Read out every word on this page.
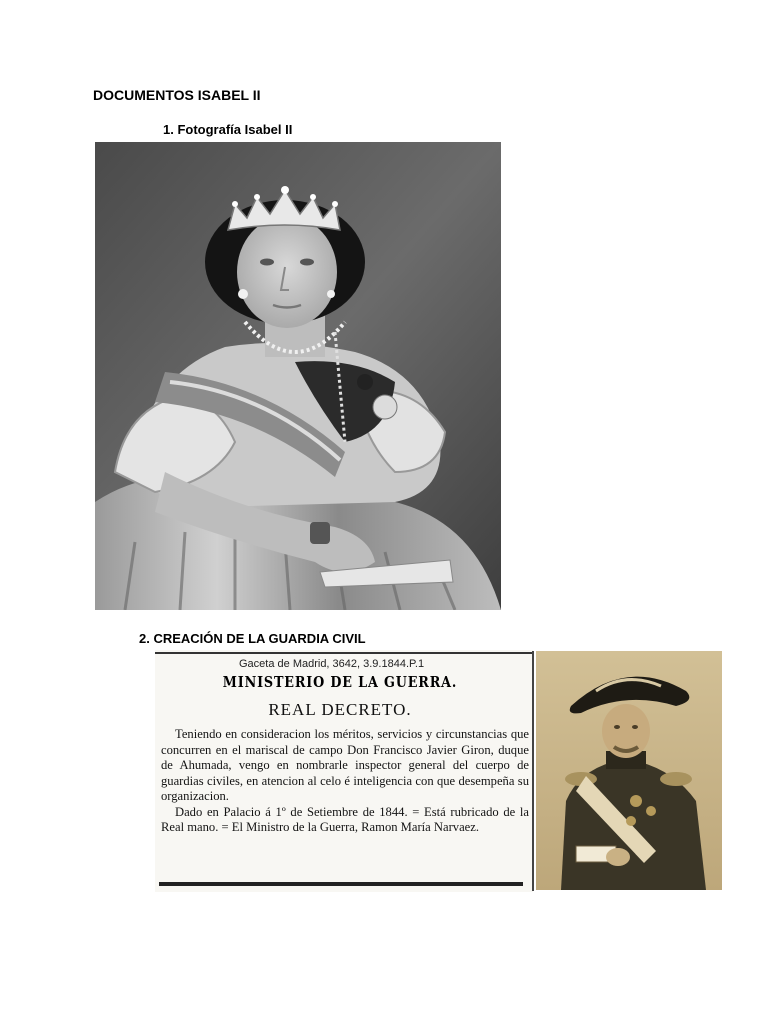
DOCUMENTOS ISABEL II
1. Fotografía Isabel II
2. CREACIÓN DE LA GUARDIA CIVIL
Gaceta de Madrid, 3642, 3.9.1844.P.1
MINISTERIO DE LA GUERRA.
REAL DECRETO.

Teniendo en consideracion los méritos, servicios y circunstancias que concurren en el mariscal de campo Don Francisco Javier Giron, duque de Ahumada, vengo en nombrarle inspector general del cuerpo de guardias civiles, en atencion al celo é inteligencia con que desempeña su organizacion.

Dado en Palacio á 1º de Setiembre de 1844. = Está rubricado de la Real mano. = El Ministro de la Guerra, Ramon María Narvaez.
